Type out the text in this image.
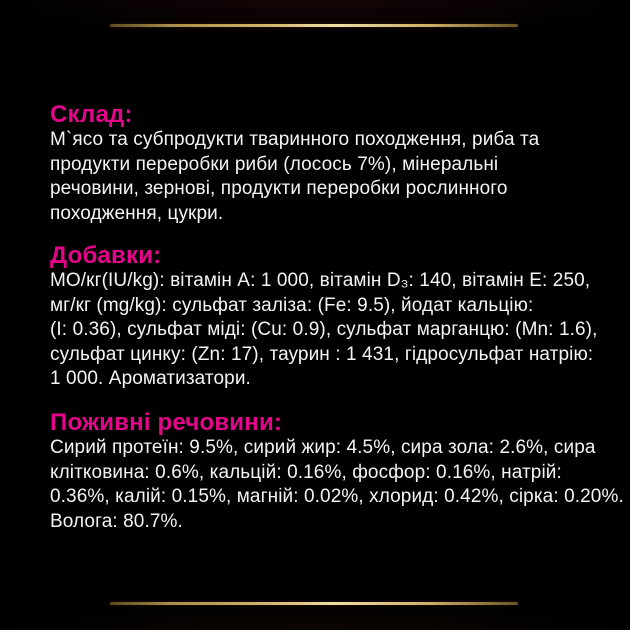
Склад:
М`ясо та субпродукти тваринного походження, риба та
продукти переробки риби (лосось 7%), мінеральні
речовини, зернові, продукти переробки рослинного
походження, цукри.
Добавки:
МО/кг(IU/kg): вітамін А: 1 000, вітамін D₃: 140, вітамін Е: 250,
мг/кг (mg/kg): сульфат заліза: (Fe: 9.5), йодат кальцію:
(І: 0.36), сульфат міді: (Cu: 0.9), сульфат марганцю: (Mn: 1.6),
сульфат цинку: (Zn: 17), таурин : 1 431, гідросульфат натрію:
1 000. Ароматизатори.
Поживні речовини:
Сирий протеїн: 9.5%, сирий жир: 4.5%, сира зола: 2.6%, сира
клітковина: 0.6%, кальцій: 0.16%, фосфор: 0.16%, натрій:
0.36%, калій: 0.15%, магній: 0.02%, хлорид: 0.42%, сірка: 0.20%.
Волога: 80.7%.
